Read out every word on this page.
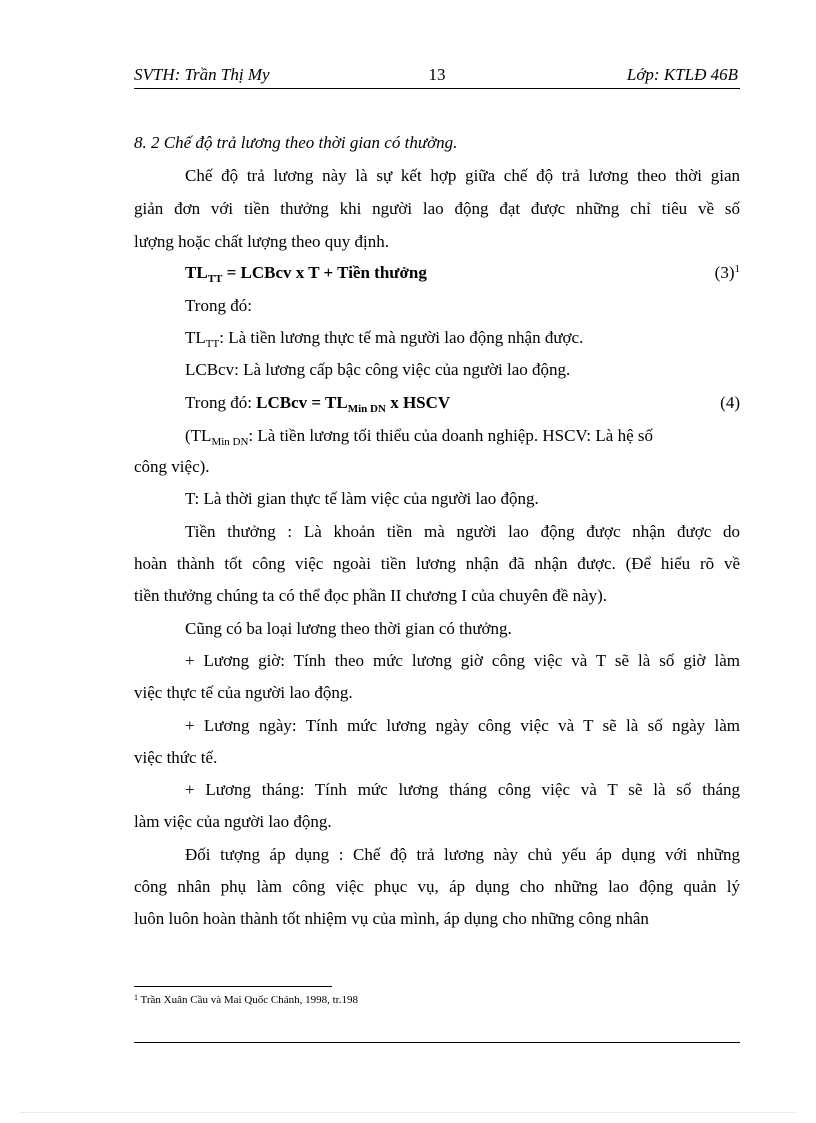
13
SVTH: Trần Thị My	Lớp: KTLĐ 46B
8. 2 Chế độ trả lương theo thời gian có thưởng.
Chế độ trả lương này là sự kết hợp giữa chế độ trả lương theo thời gian
giản đơn với tiền thưởng khi người lao động đạt được những chỉ tiêu về số
lượng hoặc chất lượng theo quy định.
$TL_{TT}$ = LCBcv x T + Tiền thưởng	$(3)^1$
Trong đó:
$TL_{TT}$: Là tiền lương thực tế mà người lao động nhận được.
LCBcv: Là lương cấp bậc công việc của người lao động.
Trong đó: LCBcv = $TL_{Min DN}$ x HSCV	(4)
($TL_{Min DN}$: Là tiền lương tối thiểu của doanh nghiệp. HSCV: Là hệ số
công việc).
T: Là thời gian thực tế làm việc của người lao động.
Tiền thưởng : Là khoản tiền mà người lao động được nhận được do
hoàn thành tốt công việc ngoài tiền lương nhận đã nhận được. (Để hiểu rõ về
tiền thưởng chúng ta có thể đọc phần II chương I của chuyên đề này).
Cũng có ba loại lương theo thời gian có thưởng.
+ Lương giờ: Tính theo mức lương giờ công việc và T sẽ là số giờ làm
việc thực tế của người lao động.
+ Lương ngày: Tính mức lương ngày công việc và T sẽ là số ngày làm
việc thức tế.
+ Lương tháng: Tính mức lương tháng công việc và T sẽ là số tháng
làm việc của người lao động.
Đối tượng áp dụng : Chế độ trả lương này chủ yếu áp dụng với những
công nhân phụ làm công việc phục vụ, áp dụng cho những lao động quản lý
luôn luôn hoàn thành tốt nhiệm vụ của mình, áp dụng cho những công nhân
$^1$ Trần Xuân Cầu và Mai Quốc Chánh, 1998, tr.198
